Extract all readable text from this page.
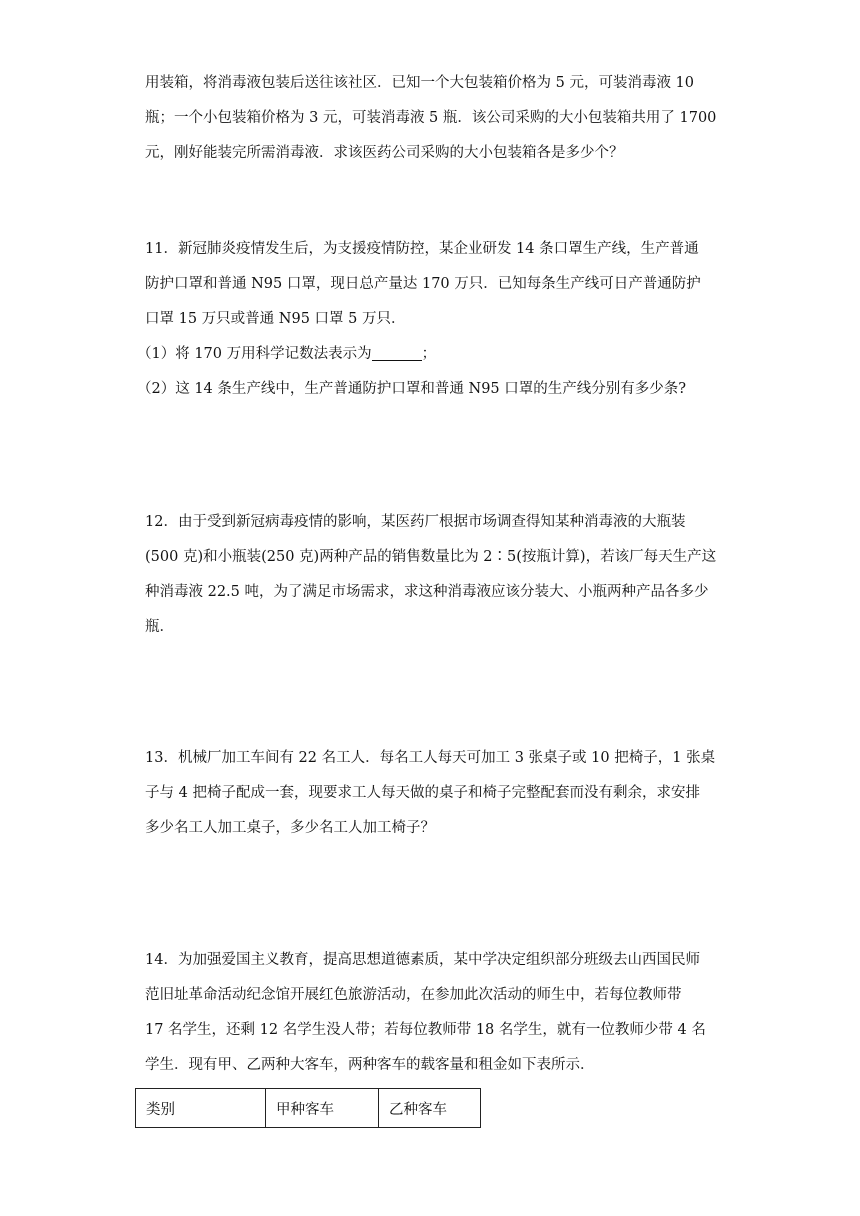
用装箱，将消毒液包装后送往该社区．已知一个大包装箱价格为 5 元，可装消毒液 10
瓶；一个小包装箱价格为 3 元，可装消毒液 5 瓶．该公司采购的大小包装箱共用了 1700
元，刚好能装完所需消毒液．求该医药公司采购的大小包装箱各是多少个？
11．新冠肺炎疫情发生后，为支援疫情防控，某企业研发 14 条口罩生产线，生产普通
防护口罩和普通 N95 口罩，现日总产量达 170 万只．已知每条生产线可日产普通防护
口罩 15 万只或普通 N95 口罩 5 万只．
（1）将 170 万用科学记数法表示为	；
（2）这 14 条生产线中，生产普通防护口罩和普通 N95 口罩的生产线分别有多少条?
12．由于受到新冠病毒疫情的影响，某医药厂根据市场调查得知某种消毒液的大瓶装
(500 克)和小瓶装(250 克)两种产品的销售数量比为 2∶5(按瓶计算)，若该厂每天生产这
种消毒液 22.5 吨，为了满足市场需求，求这种消毒液应该分装大、小瓶两种产品各多少
瓶．
13．机械厂加工车间有 22 名工人．每名工人每天可加工 3 张桌子或 10 把椅子，1 张桌
子与 4 把椅子配成一套，现要求工人每天做的桌子和椅子完整配套而没有剩余，求安排
多少名工人加工桌子，多少名工人加工椅子？
14．为加强爱国主义教育，提高思想道德素质，某中学决定组织部分班级去山西国民师
范旧址革命活动纪念馆开展红色旅游活动，在参加此次活动的师生中，若每位教师带
17 名学生，还剩 12 名学生没人带；若每位教师带 18 名学生，就有一位教师少带 4 名
学生．现有甲、乙两种大客车，两种客车的载客量和租金如下表所示．
类别	甲种客车	乙种客车
